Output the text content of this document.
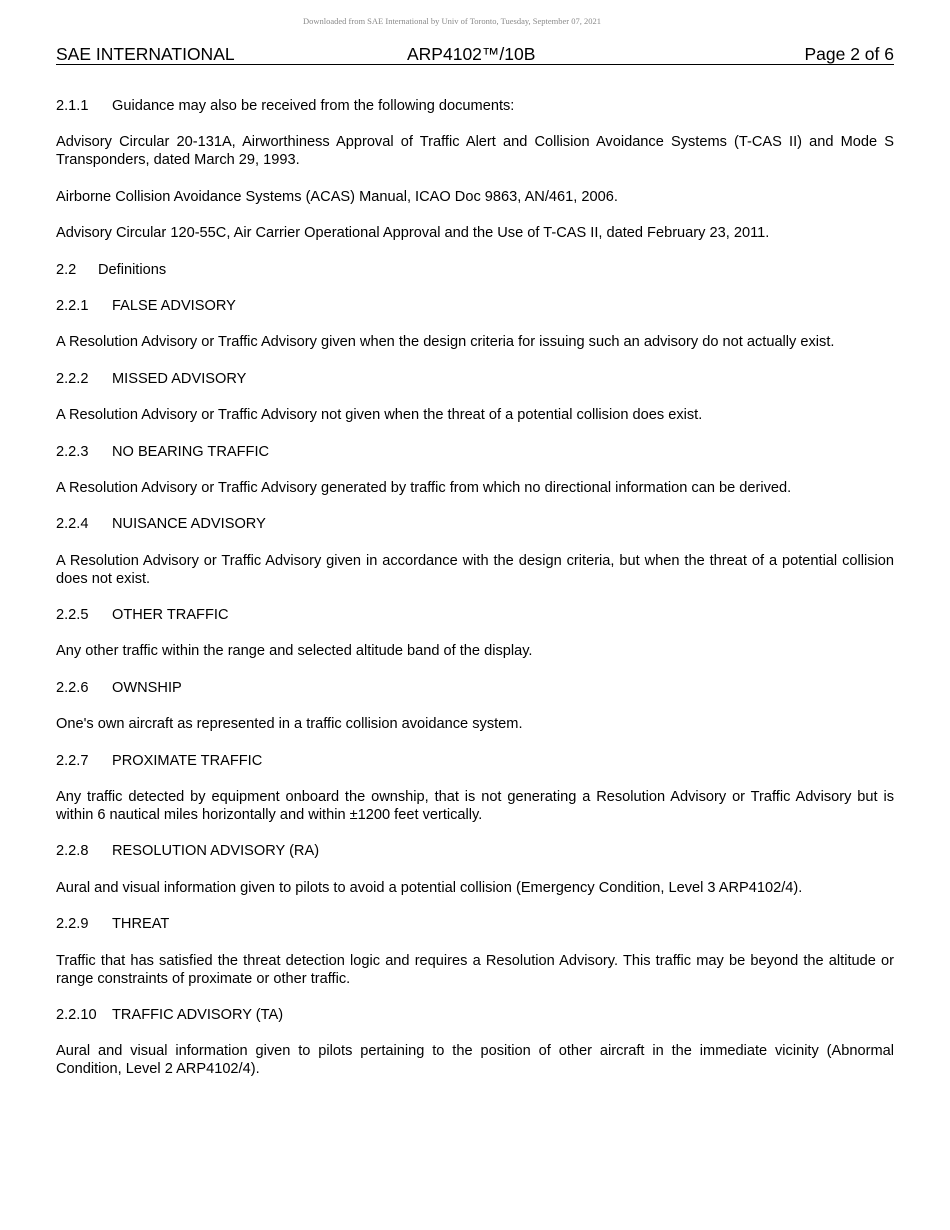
Downloaded from SAE International by Univ of Toronto, Tuesday, September 07, 2021
SAE INTERNATIONAL	ARP4102™/10B	Page 2 of 6
2.1.1 Guidance may also be received from the following documents:
Advisory Circular 20-131A, Airworthiness Approval of Traffic Alert and Collision Avoidance Systems (T-CAS II) and Mode S Transponders, dated March 29, 1993.
Airborne Collision Avoidance Systems (ACAS) Manual, ICAO Doc 9863, AN/461, 2006.
Advisory Circular 120-55C, Air Carrier Operational Approval and the Use of T-CAS II, dated February 23, 2011.
2.2 Definitions
2.2.1 FALSE ADVISORY
A Resolution Advisory or Traffic Advisory given when the design criteria for issuing such an advisory do not actually exist.
2.2.2 MISSED ADVISORY
A Resolution Advisory or Traffic Advisory not given when the threat of a potential collision does exist.
2.2.3 NO BEARING TRAFFIC
A Resolution Advisory or Traffic Advisory generated by traffic from which no directional information can be derived.
2.2.4 NUISANCE ADVISORY
A Resolution Advisory or Traffic Advisory given in accordance with the design criteria, but when the threat of a potential collision does not exist.
2.2.5 OTHER TRAFFIC
Any other traffic within the range and selected altitude band of the display.
2.2.6 OWNSHIP
One's own aircraft as represented in a traffic collision avoidance system.
2.2.7 PROXIMATE TRAFFIC
Any traffic detected by equipment onboard the ownship, that is not generating a Resolution Advisory or Traffic Advisory but is within 6 nautical miles horizontally and within ±1200 feet vertically.
2.2.8 RESOLUTION ADVISORY (RA)
Aural and visual information given to pilots to avoid a potential collision (Emergency Condition, Level 3 ARP4102/4).
2.2.9 THREAT
Traffic that has satisfied the threat detection logic and requires a Resolution Advisory. This traffic may be beyond the altitude or range constraints of proximate or other traffic.
2.2.10 TRAFFIC ADVISORY (TA)
Aural and visual information given to pilots pertaining to the position of other aircraft in the immediate vicinity (Abnormal Condition, Level 2 ARP4102/4).
